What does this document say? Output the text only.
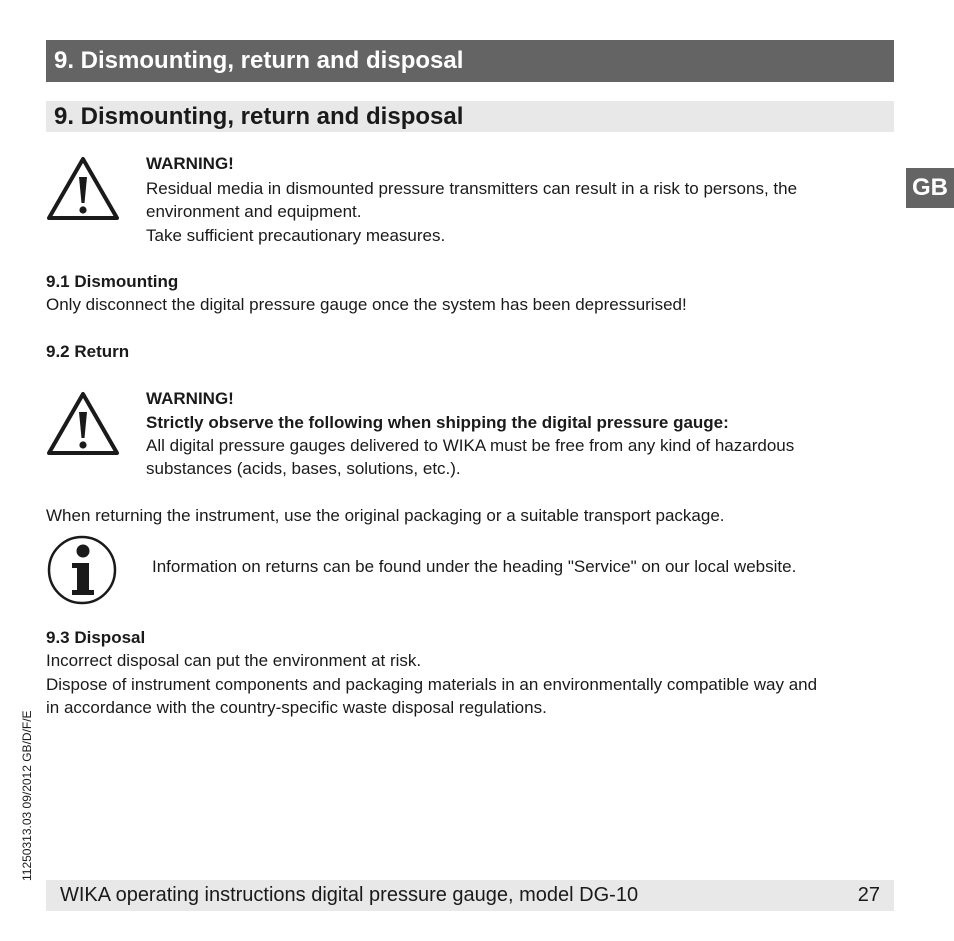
9. Dismounting, return and disposal
9. Dismounting, return and disposal
GB
WARNING!
Residual media in dismounted pressure transmitters can result in a risk to persons, the
environment and equipment.
Take sufficient precautionary measures.
9.1 Dismounting
Only disconnect the digital pressure gauge once the system has been depressurised!
9.2 Return
WARNING!
Strictly observe the following when shipping the digital pressure gauge:
All digital pressure gauges delivered to WIKA must be free from any kind of hazardous
substances (acids, bases, solutions, etc.).
When returning the instrument, use the original packaging or a suitable transport package.
Information on returns can be found under the heading "Service" on our local website.
9.3 Disposal
Incorrect disposal can put the environment at risk.
Dispose of instrument components and packaging materials in an environmentally compatible way and
in accordance with the country-specific waste disposal regulations.
11250313.03 09/2012 GB/D/F/E
WIKA operating instructions digital pressure gauge, model DG-10	27
